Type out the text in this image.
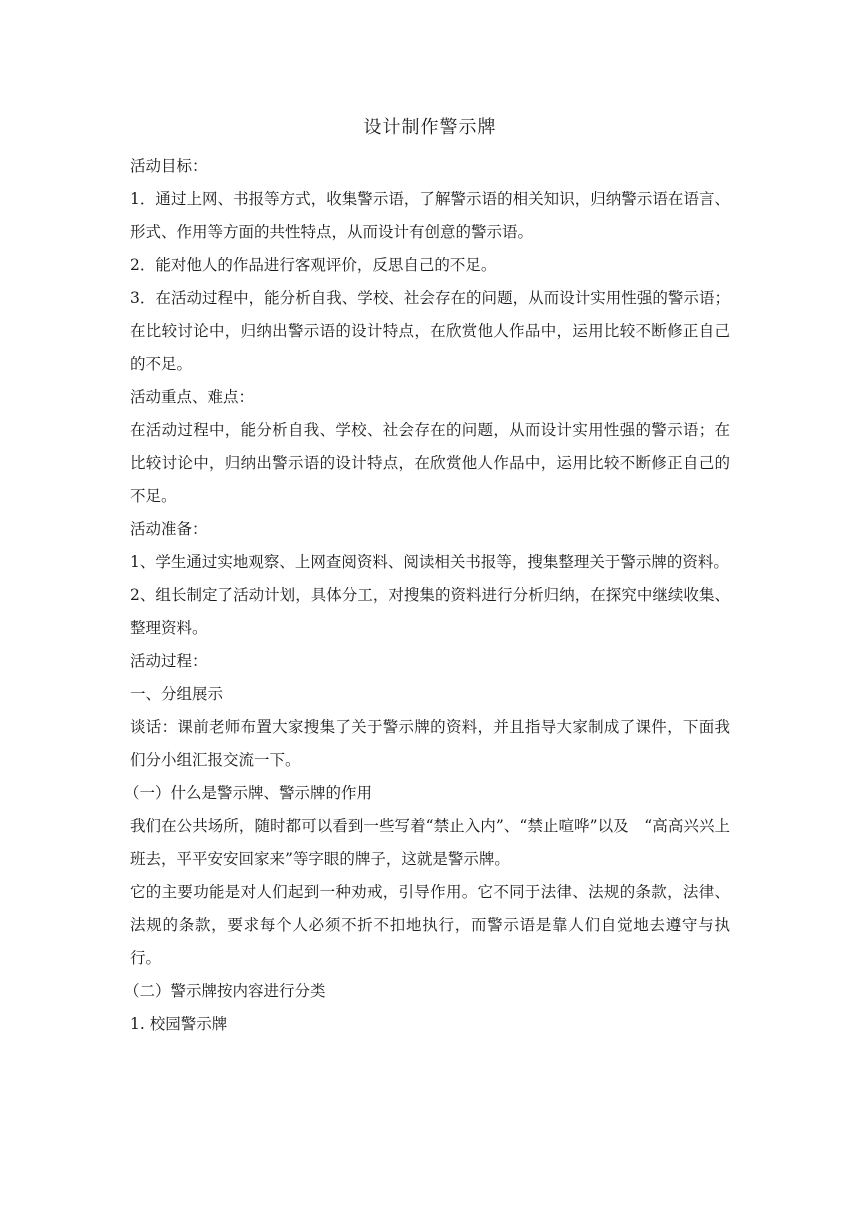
设计制作警示牌

活动目标：

1．通过上网、书报等方式，收集警示语，了解警示语的相关知识，归纳警示语在语言、形式、作用等方面的共性特点，从而设计有创意的警示语。

2．能对他人的作品进行客观评价，反思自己的不足。

3．在活动过程中，能分析自我、学校、社会存在的问题，从而设计实用性强的警示语；在比较讨论中，归纳出警示语的设计特点，在欣赏他人作品中，运用比较不断修正自己的不足。

活动重点、难点：

在活动过程中，能分析自我、学校、社会存在的问题，从而设计实用性强的警示语；在比较讨论中，归纳出警示语的设计特点，在欣赏他人作品中，运用比较不断修正自己的不足。

活动准备：

1、学生通过实地观察、上网查阅资料、阅读相关书报等，搜集整理关于警示牌的资料。

2、组长制定了活动计划，具体分工，对搜集的资料进行分析归纳，在探究中继续收集、整理资料。

活动过程：

一、分组展示

谈话：课前老师布置大家搜集了关于警示牌的资料，并且指导大家制成了课件，下面我们分小组汇报交流一下。

（一）什么是警示牌、警示牌的作用

我们在公共场所，随时都可以看到一些写着“禁止入内”、“禁止喧哗”以及　“高高兴兴上班去，平平安安回家来”等字眼的牌子，这就是警示牌。

它的主要功能是对人们起到一种劝戒，引导作用。它不同于法律、法规的条款，法律、法规的条款，要求每个人必须不折不扣地执行，而警示语是靠人们自觉地去遵守与执行。

（二）警示牌按内容进行分类

1. 校园警示牌
